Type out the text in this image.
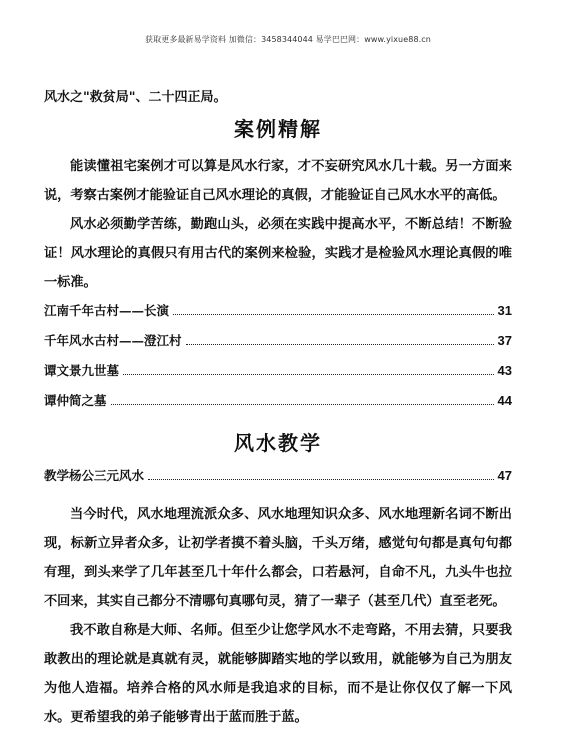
获取更多最新易学资料 加微信：3458344044 易学巴巴网：www.yixue88.cn
风水之"救贫局"、二十四正局。
案例精解
能读懂祖宅案例才可以算是风水行家，才不妄研究风水几十载。另一方面来说，考察古案例才能验证自己风水理论的真假，才能验证自己风水水平的高低。
风水必须勤学苦练，勤跑山头，必须在实践中提高水平，不断总结！不断验证！风水理论的真假只有用古代的案例来检验，实践才是检验风水理论真假的唯一标准。
江南千年古村——长演	31
千年风水古村——澄江村	37
谭文景九世墓	43
谭仲简之墓	44
风水教学
教学杨公三元风水	47
当今时代，风水地理流派众多、风水地理知识众多、风水地理新名词不断出现，标新立异者众多，让初学者摸不着头脑，千头万绪，感觉句句都是真句句都有理，到头来学了几年甚至几十年什么都会，口若悬河，自命不凡，九头牛也拉不回来，其实自己都分不清哪句真哪句灵，猜了一辈子（甚至几代）直至老死。
我不敢自称是大师、名师。但至少让您学风水不走弯路，不用去猜，只要我敢教出的理论就是真就有灵，就能够脚踏实地的学以致用，就能够为自己为朋友为他人造福。培养合格的风水师是我追求的目标，而不是让你仅仅了解一下风水。更希望我的弟子能够青出于蓝而胜于蓝。
